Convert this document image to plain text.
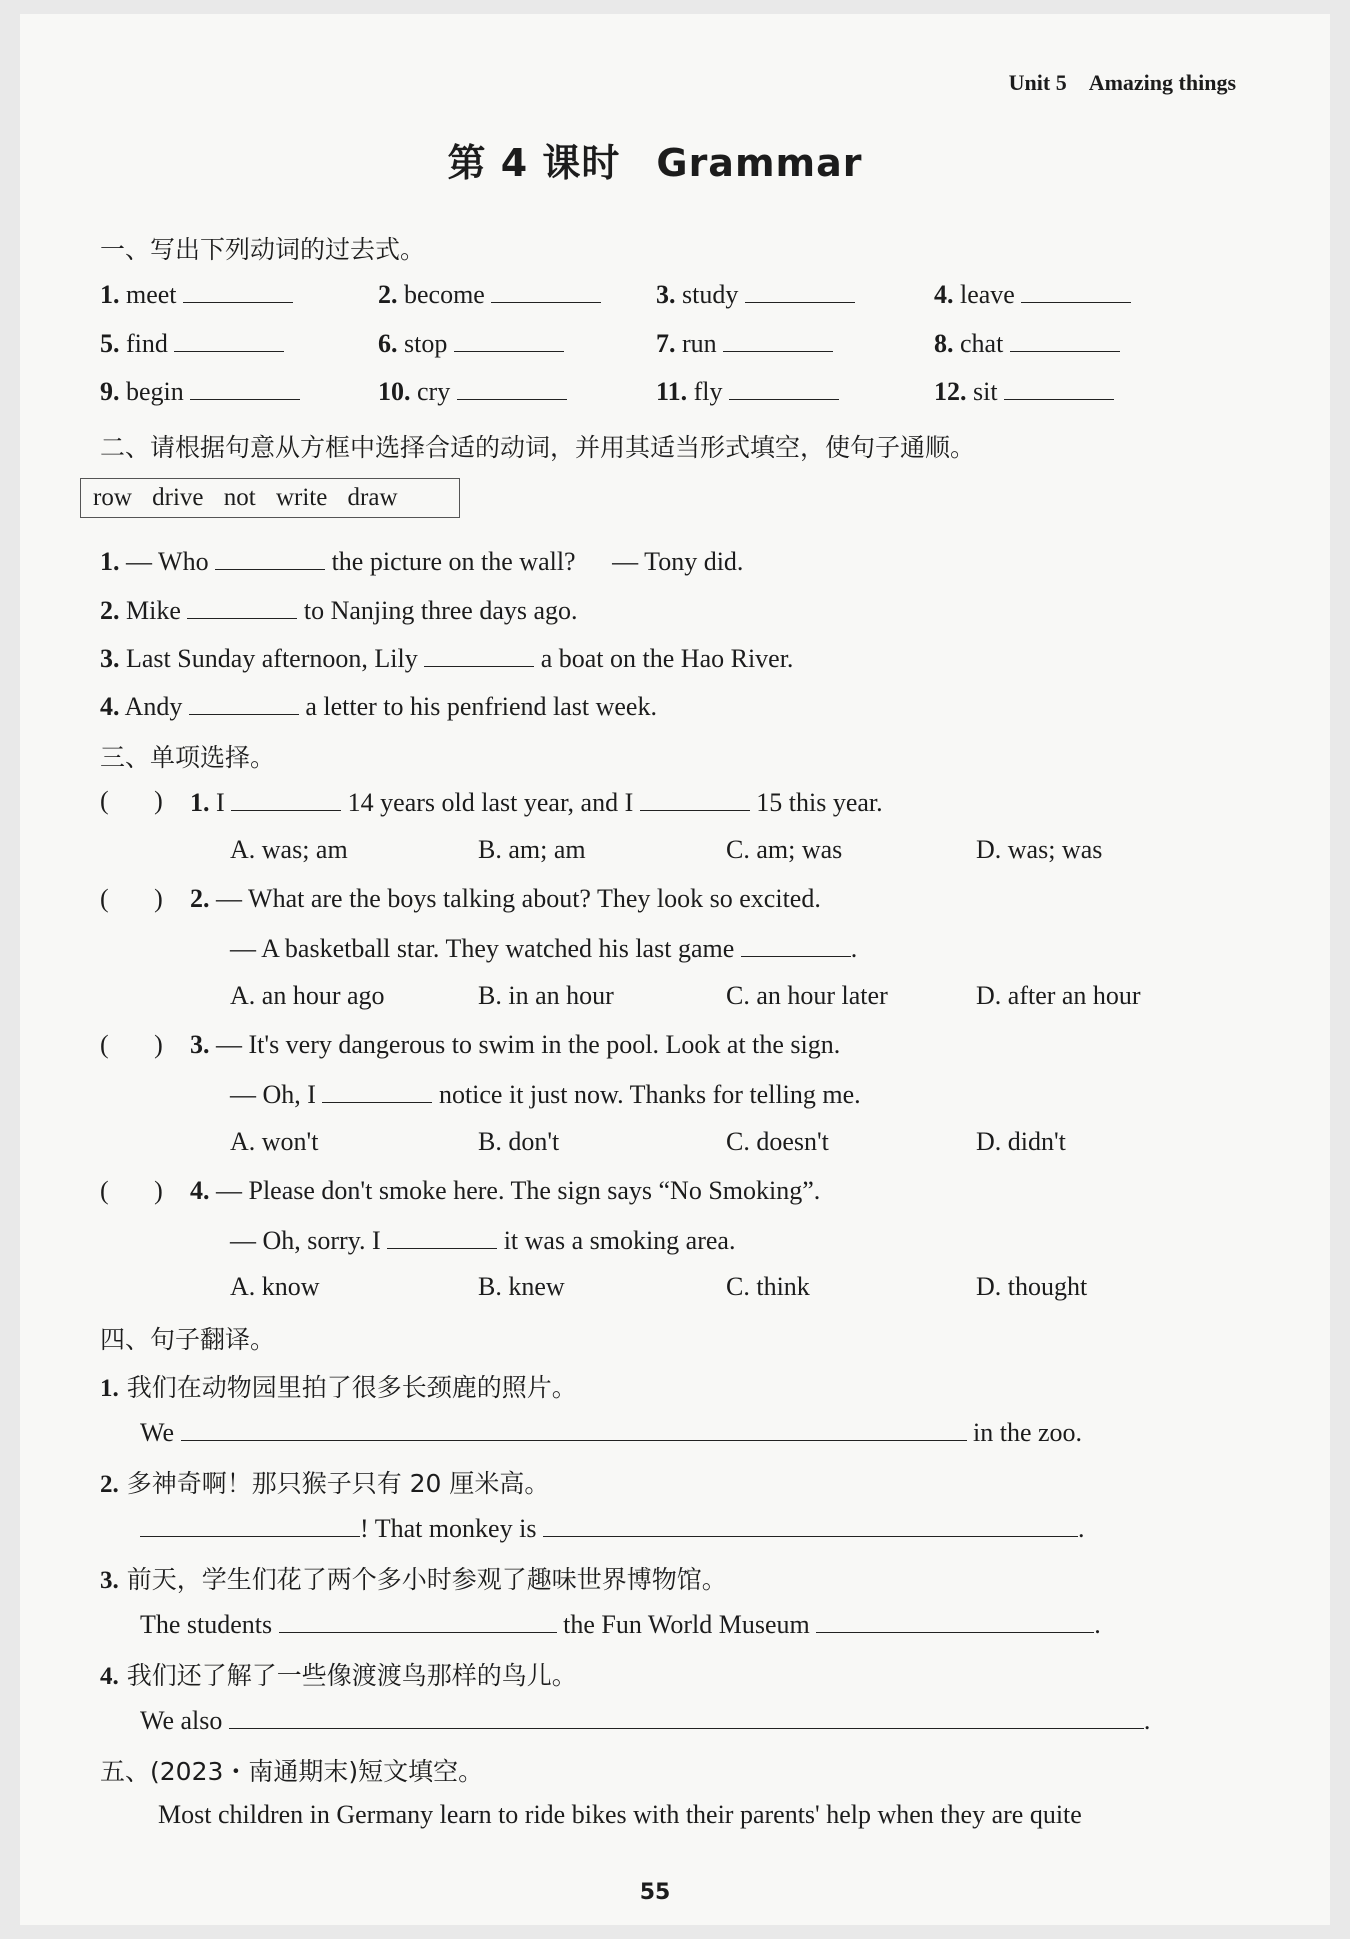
Unit 5 Amazing things
第 4 课时 Grammar
一、写出下列动词的过去式。
1. meet	2. become	3. study	4. leave
5. find	6. stop	7. run	8. chat
9. begin	10. cry	11. fly	12. sit
二、请根据句意从方框中选择合适的动词，并用其适当形式填空，使句子通顺。
row drive not write draw
1. — Who	the picture on the wall? — Tony did.
2. Mike	to Nanjing three days ago.
3. Last Sunday afternoon, Lily	a boat on the Hao River.
4. Andy	a letter to his penfriend last week.
三、单项选择。
(       ) 1. I	14 years old last year, and I	15 this year.
A. was; am	B. am; am	C. am; was	D. was; was
(       ) 2. — What are the boys talking about? They look so excited.
— A basketball star. They watched his last game	.
A. an hour ago	B. in an hour	C. an hour later	D. after an hour
(       ) 3. — It's very dangerous to swim in the pool. Look at the sign.
— Oh, I	notice it just now. Thanks for telling me.
A. won't	B. don't	C. doesn't	D. didn't
(       ) 4. — Please don't smoke here. The sign says “No Smoking”.
— Oh, sorry. I	it was a smoking area.
A. know	B. knew	C. think	D. thought
四、句子翻译。
1. 我们在动物园里拍了很多长颈鹿的照片。
We	in the zoo.
2. 多神奇啊！那只猴子只有 20 厘米高。
! That monkey is	.
3. 前天，学生们花了两个多小时参观了趣味世界博物馆。
The students	the Fun World Museum	.
4. 我们还了解了一些像渡渡鸟那样的鸟儿。
We also	.
五、(2023・南通期末)短文填空。
Most children in Germany learn to ride bikes with their parents' help when they are quite
55
